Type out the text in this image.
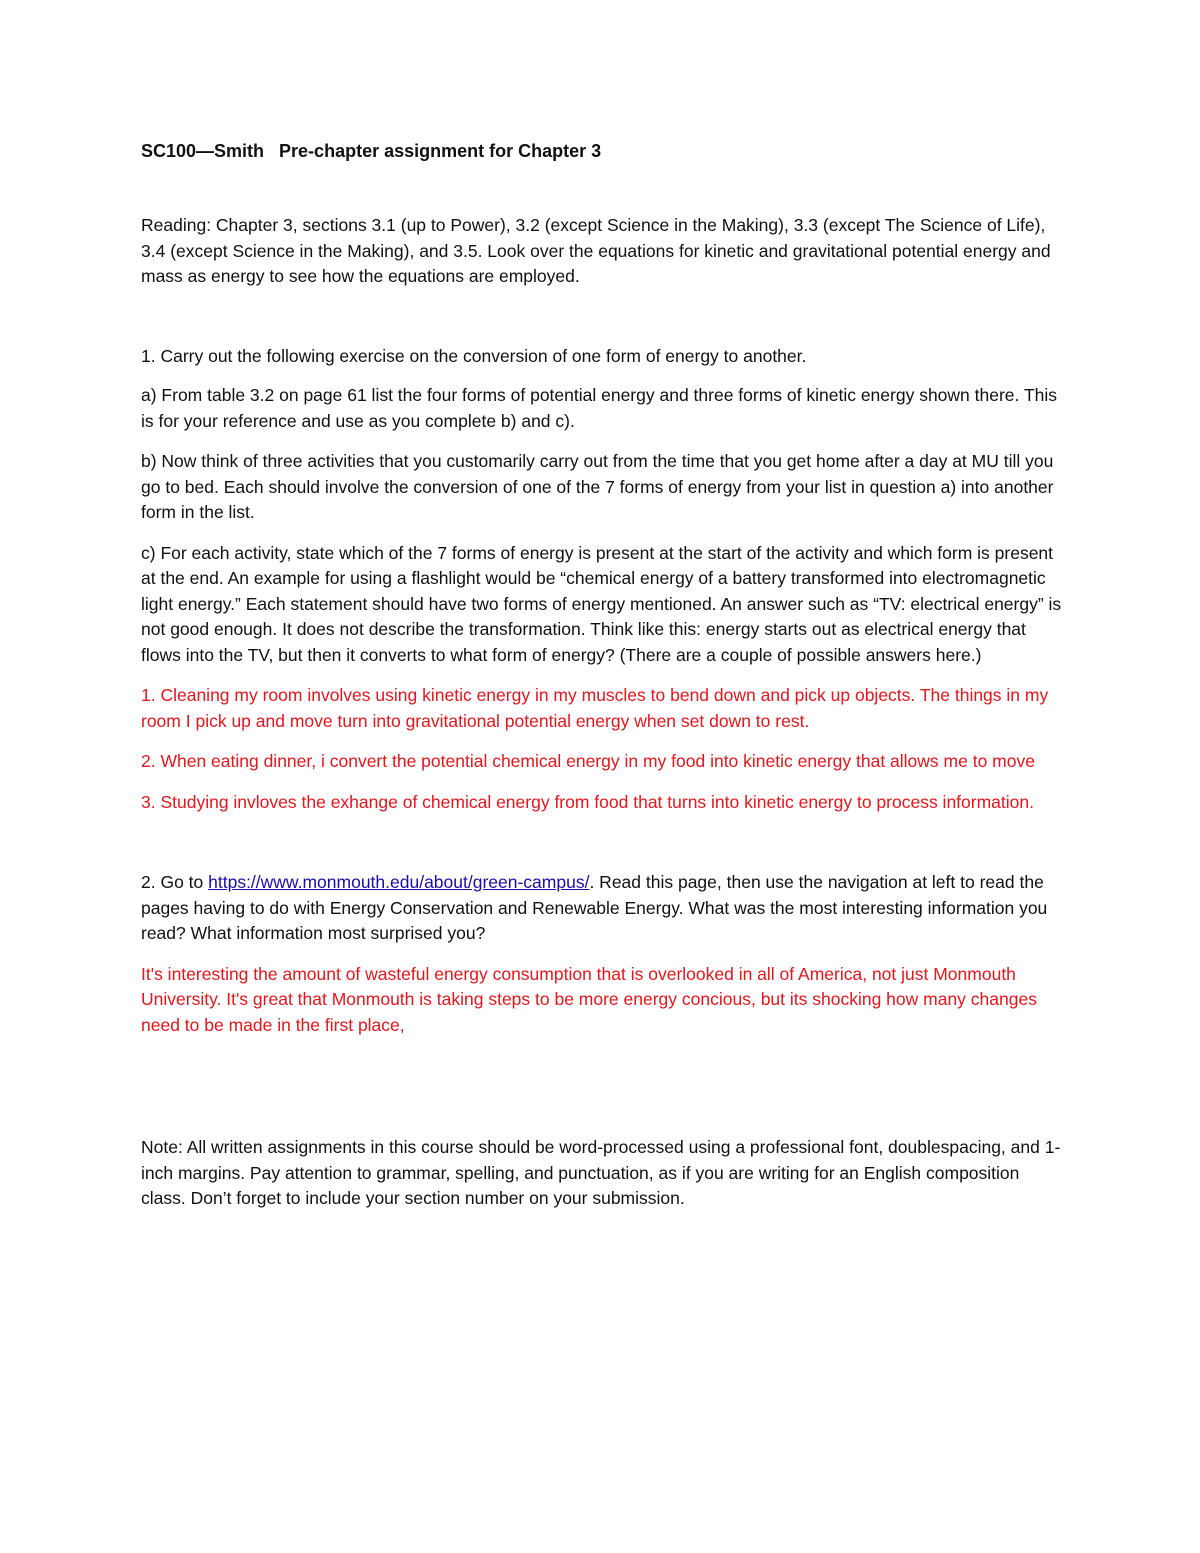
SC100—Smith   Pre-chapter assignment for Chapter 3

Reading: Chapter 3, sections 3.1 (up to Power), 3.2 (except Science in the Making), 3.3 (except The Science of Life), 3.4 (except Science in the Making), and 3.5. Look over the equations for kinetic and gravitational potential energy and mass as energy to see how the equations are employed.

1. Carry out the following exercise on the conversion of one form of energy to another.

a) From table 3.2 on page 61 list the four forms of potential energy and three forms of kinetic energy shown there. This is for your reference and use as you complete b) and c).

b) Now think of three activities that you customarily carry out from the time that you get home after a day at MU till you go to bed. Each should involve the conversion of one of the 7 forms of energy from your list in question a) into another form in the list.

c) For each activity, state which of the 7 forms of energy is present at the start of the activity and which form is present at the end. An example for using a flashlight would be “chemical energy of a battery transformed into electromagnetic light energy.” Each statement should have two forms of energy mentioned. An answer such as “TV: electrical energy” is not good enough. It does not describe the transformation. Think like this: energy starts out as electrical energy that flows into the TV, but then it converts to what form of energy? (There are a couple of possible answers here.)

1. Cleaning my room involves using kinetic energy in my muscles to bend down and pick up objects. The things in my room I pick up and move turn into gravitational potential energy when set down to rest.

2. When eating dinner, i convert the potential chemical energy in my food into kinetic energy that allows me to move

3. Studying invloves the exhange of chemical energy from food that turns into kinetic energy to process information.

2. Go to https://www.monmouth.edu/about/green-campus/. Read this page, then use the navigation at left to read the pages having to do with Energy Conservation and Renewable Energy. What was the most interesting information you read? What information most surprised you?

It's interesting the amount of wasteful energy consumption that is overlooked in all of America, not just Monmouth University. It's great that Monmouth is taking steps to be more energy concious, but its shocking how many changes need to be made in the first place,

Note: All written assignments in this course should be word-processed using a professional font, doublespacing, and 1-inch margins. Pay attention to grammar, spelling, and punctuation, as if you are writing for an English composition class. Don’t forget to include your section number on your submission.
